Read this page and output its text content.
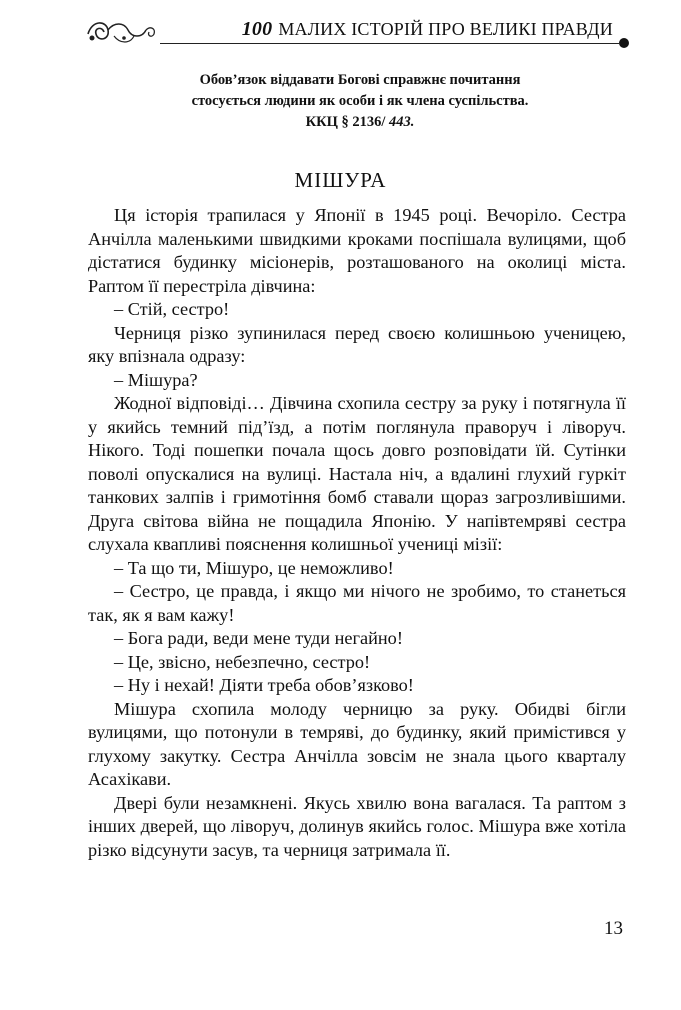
100 МАЛИХ ІСТОРІЙ ПРО ВЕЛИКІ ПРАВДИ
Обов’язок віддавати Богові справжнє почитання
стосується людини як особи і як члена суспільства.
ККЦ § 2136/ 443.
МІШУРА

Ця історія трапилася у Японії в 1945 році. Вечоріло. Сестра Анчілла маленькими швидкими кроками поспішала вулицями, щоб дістатися будинку місіонерів, розташованого на околиці міста. Раптом її перестріла дівчина:

– Стій, сестро!

Черниця різко зупинилася перед своєю колишньою ученицею, яку впізнала одразу:

– Мішура?

Жодної відповіді… Дівчина схопила сестру за руку і потягнула її у якийсь темний під’їзд, а потім поглянула праворуч і ліворуч. Нікого. Тоді пошепки почала щось довго розповідати їй. Сутінки поволі опускалися на вулиці. Настала ніч, а вдалині глухий гуркіт танкових залпів і гримотіння бомб ставали щораз загрозливішими. Друга світова війна не пощадила Японію. У напівтемряві сестра слухала квапливі пояснення колишньої учениці мізії:

– Та що ти, Мішуро, це неможливо!

– Сестро, це правда, і якщо ми нічого не зробимо, то станеться так, як я вам кажу!

– Бога ради, веди мене туди негайно!

– Це, звісно, небезпечно, сестро!

– Ну і нехай! Діяти треба обов’язково!

Мішура схопила молоду черницю за руку. Обидві бігли вулицями, що потонули в темряві, до будинку, який примістився у глухому закутку. Сестра Анчілла зовсім не знала цього кварталу Асахікави.

Двері були незамкнені. Якусь хвилю вона вагалася. Та раптом з інших дверей, що ліворуч, долинув якийсь голос. Мішура вже хотіла різко відсунути засув, та черниця затримала її.

13
